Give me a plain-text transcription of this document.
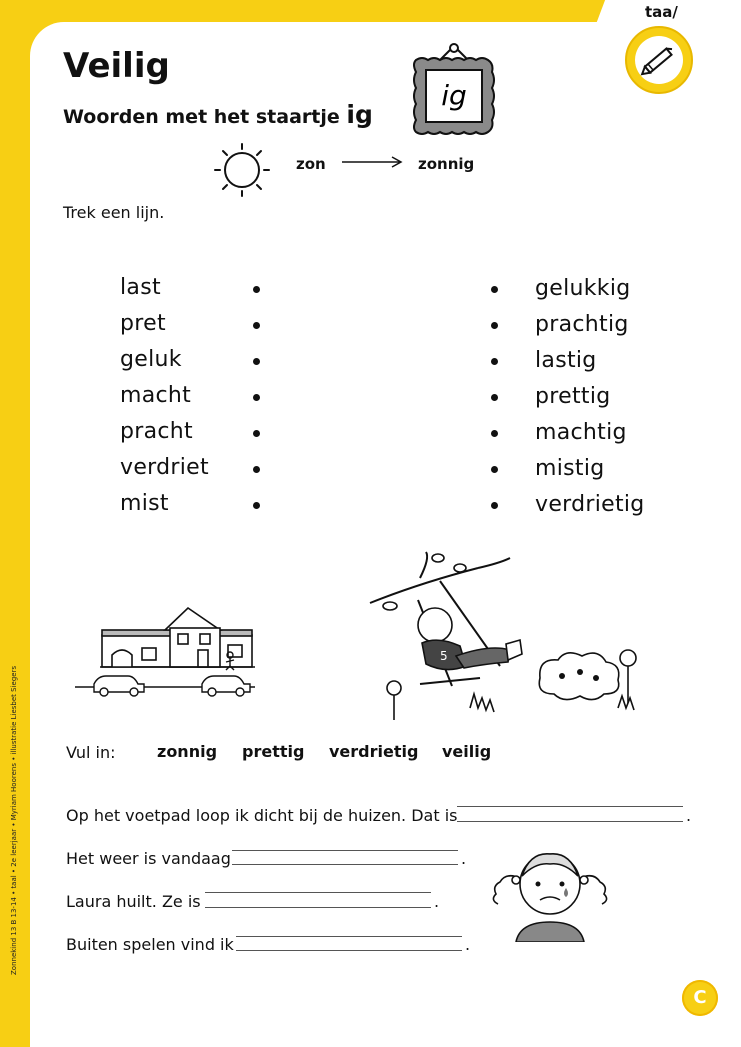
taa/
Veilig
Woorden met het staartje ig
ig
zon	zonnig
Trek een lijn.
last
pret
geluk
macht
pracht
verdriet
mist
gelukkig
prachtig
lastig
prettig
machtig
mistig
verdrietig
5
Vul in:	zonnig prettig verdrietig veilig
Op het voetpad loop ik dicht bij de huizen. Dat is	.
Het weer is vandaag	.
Laura huilt. Ze is	.
Buiten spelen vind ik	.
Zonnekind 13 B 13-14 • taal • 2e leerjaar • Myriam Hoorens • illustratie Liesbet Siegers
C
